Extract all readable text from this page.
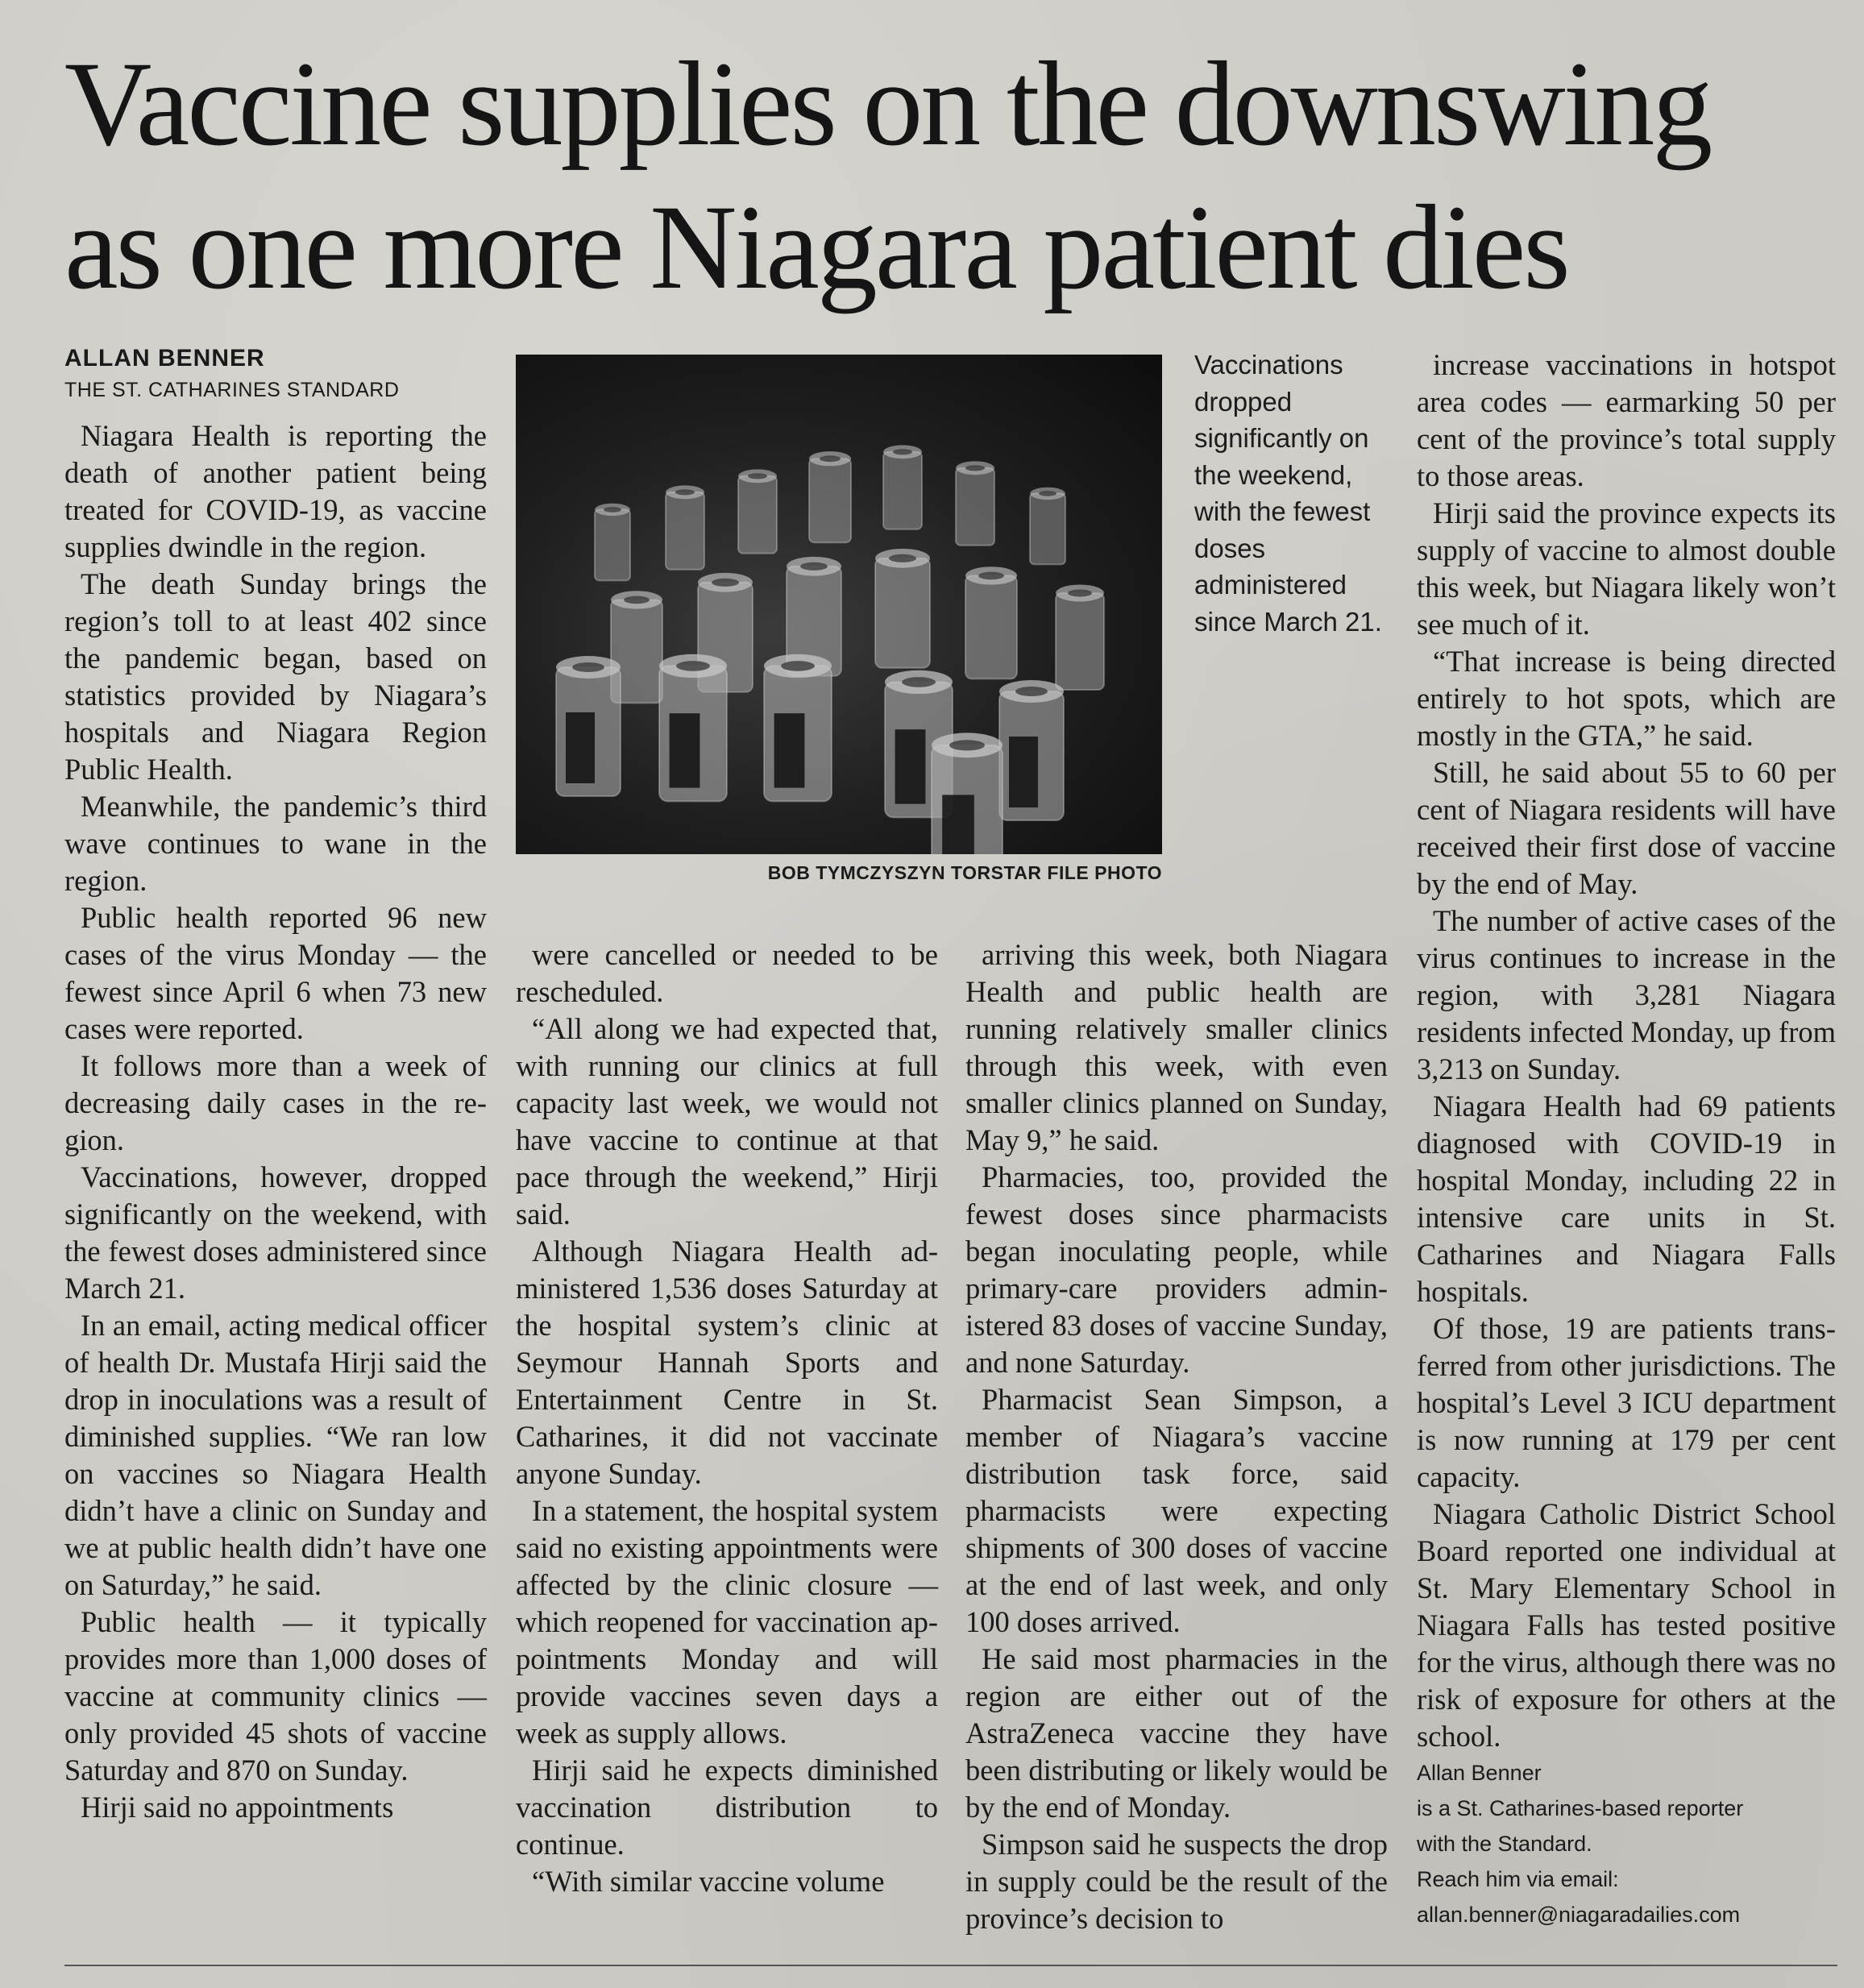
Vaccine supplies on the downswing
as one more Niagara patient dies
ALLAN BENNER
THE ST. CATHARINES STANDARD

Niagara Health is reporting the death of another patient being treated for COVID-19, as vaccine supplies dwindle in the region.

The death Sunday brings the region’s toll to at least 402 since the pandemic began, based on statistics provided by Niagara’s hospitals and Niagara Region Public Health.

Meanwhile, the pandemic’s third wave continues to wane in the region.

Public health reported 96 new cases of the virus Monday — the fewest since April 6 when 73 new cases were reported.

It follows more than a week of decreasing daily cases in the region.

Vaccinations, however, dropped significantly on the weekend, with the fewest doses administered since March 21.

In an email, acting medical officer of health Dr. Mustafa Hirji said the drop in inoculations was a result of diminished supplies. “We ran low on vaccines so Niagara Health didn’t have a clinic on Sunday and we at public health didn’t have one on Saturday,” he said.

Public health — it typically provides more than 1,000 doses of vaccine at community clinics — only provided 45 shots of vaccine Saturday and 870 on Sunday.

Hirji said no appointments

BOB TYMCZYSZYN TORSTAR FILE PHOTO
Vaccinations dropped significantly on the weekend, with the fewest doses administered since March 21.

were cancelled or needed to be rescheduled.

“All along we had expected that, with running our clinics at full capacity last week, we would not have vaccine to continue at that pace through the weekend,” Hirji said.

Although Niagara Health administered 1,536 doses Saturday at the hospital system’s clinic at Seymour Hannah Sports and Entertainment Centre in St. Catharines, it did not vaccinate anyone Sunday.

In a statement, the hospital system said no existing appointments were affected by the clinic closure — which reopened for vaccination appointments Monday and will provide vaccines seven days a week as supply allows.

Hirji said he expects diminished vaccination distribution to continue.

“With similar vaccine volume

arriving this week, both Niagara Health and public health are running relatively smaller clinics through this week, with even smaller clinics planned on Sunday, May 9,” he said.

Pharmacies, too, provided the fewest doses since pharmacists began inoculating people, while primary-care providers administered 83 doses of vaccine Sunday, and none Saturday.

Pharmacist Sean Simpson, a member of Niagara’s vaccine distribution task force, said pharmacists were expecting shipments of 300 doses of vaccine at the end of last week, and only 100 doses arrived.

He said most pharmacies in the region are either out of the AstraZeneca vaccine they have been distributing or likely would be by the end of Monday.

Simpson said he suspects the drop in supply could be the result of the province’s decision to

increase vaccinations in hotspot area codes — earmarking 50 per cent of the province’s total supply to those areas.

Hirji said the province expects its supply of vaccine to almost double this week, but Niagara likely won’t see much of it.

“That increase is being directed entirely to hot spots, which are mostly in the GTA,” he said.

Still, he said about 55 to 60 per cent of Niagara residents will have received their first dose of vaccine by the end of May.

The number of active cases of the virus continues to increase in the region, with 3,281 Niagara residents infected Monday, up from 3,213 on Sunday.

Niagara Health had 69 patients diagnosed with COVID-19 in hospital Monday, including 22 in intensive care units in St. Catharines and Niagara Falls hospitals.

Of those, 19 are patients transferred from other jurisdictions. The hospital’s Level 3 ICU department is now running at 179 per cent capacity.

Niagara Catholic District School Board reported one individual at St. Mary Elementary School in Niagara Falls has tested positive for the virus, although there was no risk of exposure for others at the school.

Allan Benner
is a St. Catharines-based reporter
with the Standard.
Reach him via email:
allan.benner@niagaradailies.com
